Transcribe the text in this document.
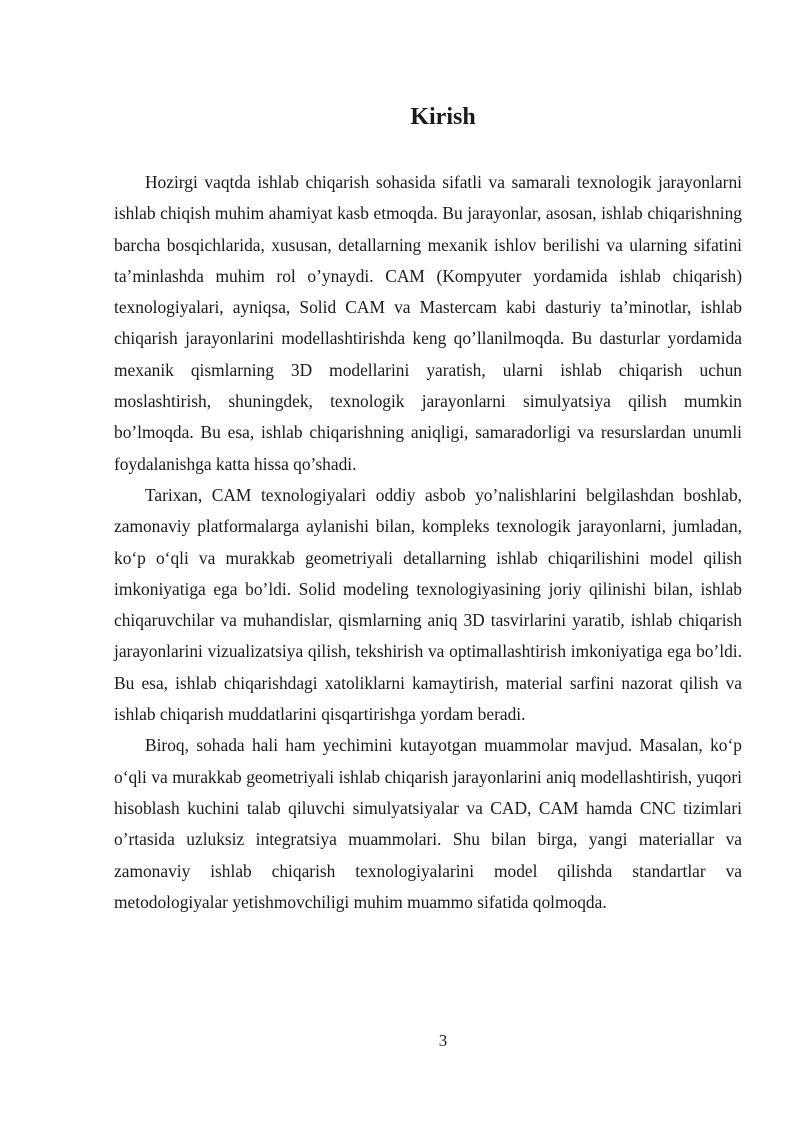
Kirish

Hozirgi vaqtda ishlab chiqarish sohasida sifatli va samarali texnologik jarayonlarni ishlab chiqish muhim ahamiyat kasb etmoqda. Bu jarayonlar, asosan, ishlab chiqarishning barcha bosqichlarida, xususan, detallarning mexanik ishlov berilishi va ularning sifatini ta’minlashda muhim rol o’ynaydi. CAM (Kompyuter yordamida ishlab chiqarish) texnologiyalari, ayniqsa, Solid CAM va Mastercam kabi dasturiy ta’minotlar, ishlab chiqarish jarayonlarini modellashtirishda keng qo’llanilmoqda. Bu dasturlar yordamida mexanik qismlarning 3D modellarini yaratish, ularni ishlab chiqarish uchun moslashtirish, shuningdek, texnologik jarayonlarni simulyatsiya qilish mumkin bo’lmoqda. Bu esa, ishlab chiqarishning aniqligi, samaradorligi va resurslardan unumli foydalanishga katta hissa qo’shadi.

Tarixan, CAM texnologiyalari oddiy asbob yo’nalishlarini belgilashdan boshlab, zamonaviy platformalarga aylanishi bilan, kompleks texnologik jarayonlarni, jumladan, ko‘p o‘qli va murakkab geometriyali detallarning ishlab chiqarilishini model qilish imkoniyatiga ega bo’ldi. Solid modeling texnologiyasining joriy qilinishi bilan, ishlab chiqaruvchilar va muhandislar, qismlarning aniq 3D tasvirlarini yaratib, ishlab chiqarish jarayonlarini vizualizatsiya qilish, tekshirish va optimallashtirish imkoniyatiga ega bo’ldi. Bu esa, ishlab chiqarishdagi xatoliklarni kamaytirish, material sarfini nazorat qilish va ishlab chiqarish muddatlarini qisqartirishga yordam beradi.

Biroq, sohada hali ham yechimini kutayotgan muammolar mavjud. Masalan, ko‘p o‘qli va murakkab geometriyali ishlab chiqarish jarayonlarini aniq modellashtirish, yuqori hisoblash kuchini talab qiluvchi simulyatsiyalar va CAD, CAM hamda CNC tizimlari o’rtasida uzluksiz integratsiya muammolari. Shu bilan birga, yangi materiallar va zamonaviy ishlab chiqarish texnologiyalarini model qilishda standartlar va metodologiyalar yetishmovchiligi muhim muammo sifatida qolmoqda.

3
